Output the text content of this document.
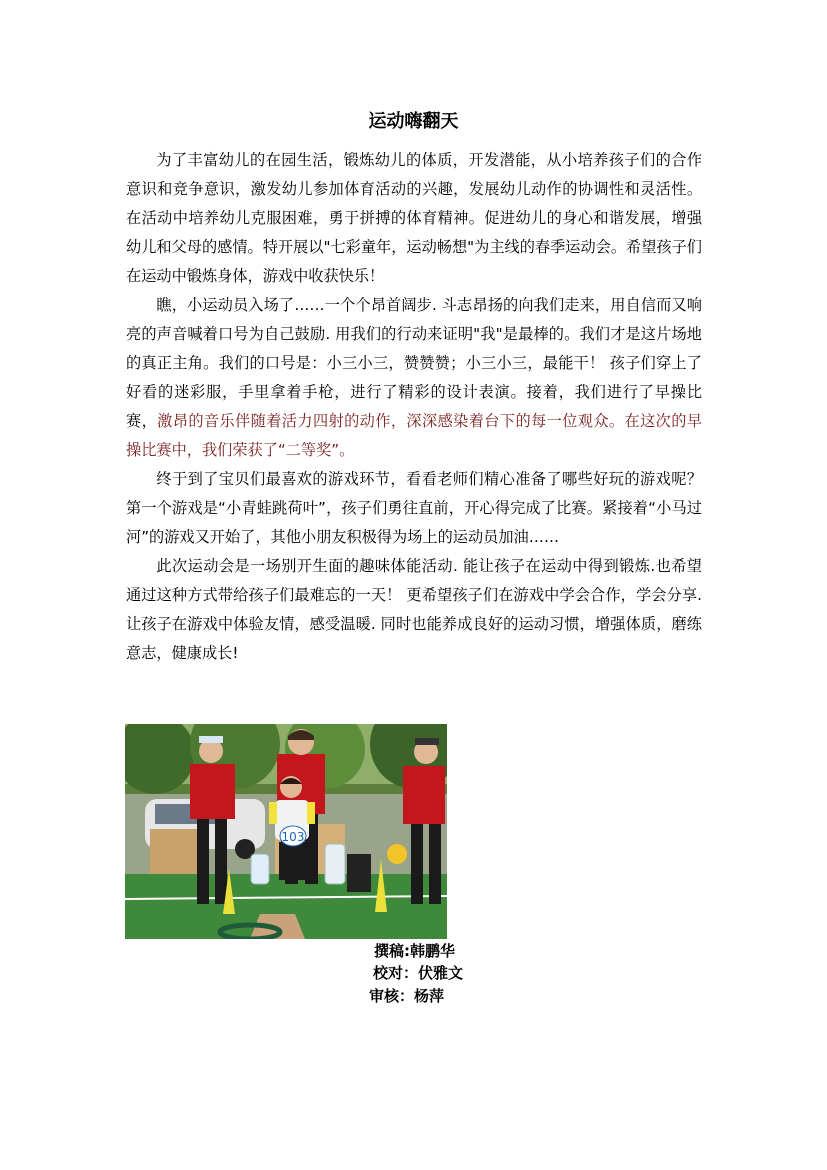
运动嗨翻天

为了丰富幼儿的在园生活，锻炼幼儿的体质，开发潜能，从小培养孩子们的合作意识和竞争意识，激发幼儿参加体育活动的兴趣，发展幼儿动作的协调性和灵活性。在活动中培养幼儿克服困难，勇于拼搏的体育精神。促进幼儿的身心和谐发展，增强幼儿和父母的感情。特开展以"七彩童年，运动畅想"为主线的春季运动会。希望孩子们在运动中锻炼身体，游戏中收获快乐！

瞧，小运动员入场了……一个个昂首阔步. 斗志昂扬的向我们走来，用自信而又响亮的声音喊着口号为自己鼓励. 用我们的行动来证明"我"是最棒的。我们才是这片场地的真正主角。我们的口号是：小三小三，赞赞赞；小三小三，最能干！ 孩子们穿上了好看的迷彩服，手里拿着手枪，进行了精彩的设计表演。接着，我们进行了早操比赛，激昂的音乐伴随着活力四射的动作，深深感染着台下的每一位观众。在这次的早操比赛中，我们荣获了“二等奖”。

终于到了宝贝们最喜欢的游戏环节，看看老师们精心准备了哪些好玩的游戏呢？第一个游戏是“小青蛙跳荷叶”，孩子们勇往直前，开心得完成了比赛。紧接着“小马过河”的游戏又开始了，其他小朋友积极得为场上的运动员加油……

此次运动会是一场别开生面的趣味体能活动. 能让孩子在运动中得到锻炼.也希望通过这种方式带给孩子们最难忘的一天！ 更希望孩子们在游戏中学会合作，学会分享. 让孩子在游戏中体验友情，感受温暖. 同时也能养成良好的运动习惯，增强体质，磨练意志，健康成长!

103
撰稿:韩鹏华
校对：伏雅文
审核：杨萍
